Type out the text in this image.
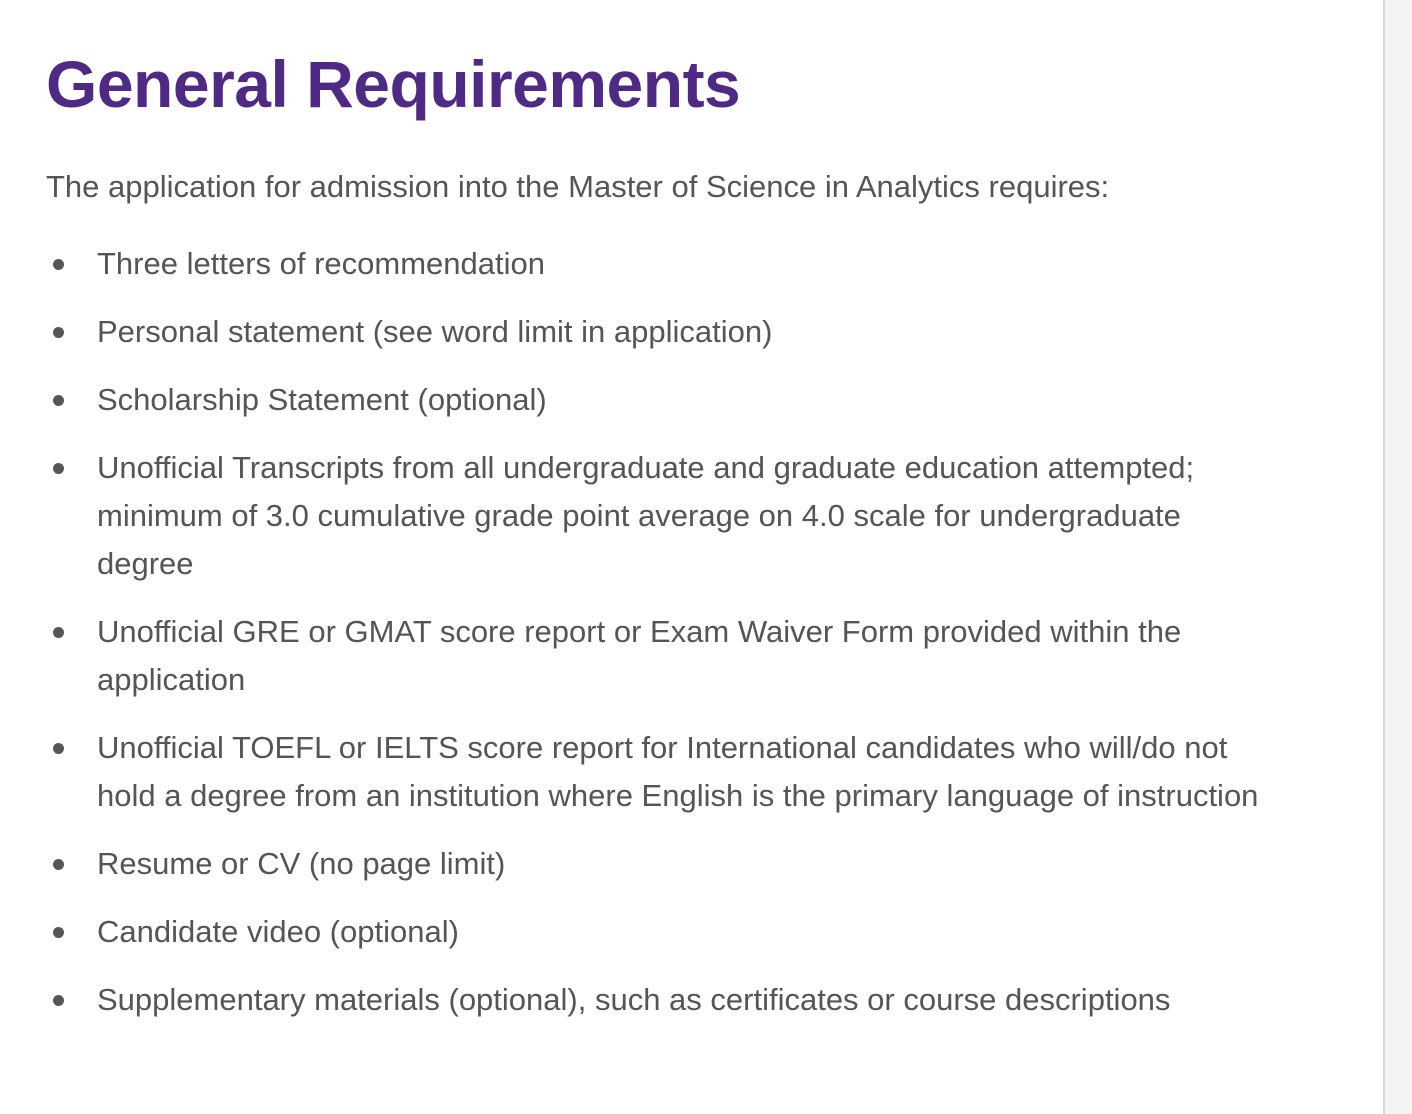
General Requirements

The application for admission into the Master of Science in Analytics requires:

Three letters of recommendation
Personal statement (see word limit in application)
Scholarship Statement (optional)
Unofficial Transcripts from all undergraduate and graduate education attempted; minimum of 3.0 cumulative grade point average on 4.0 scale for undergraduate degree
Unofficial GRE or GMAT score report or Exam Waiver Form provided within the application
Unofficial TOEFL or IELTS score report for International candidates who will/do not hold a degree from an institution where English is the primary language of instruction
Resume or CV (no page limit)
Candidate video (optional)
Supplementary materials (optional), such as certificates or course descriptions
